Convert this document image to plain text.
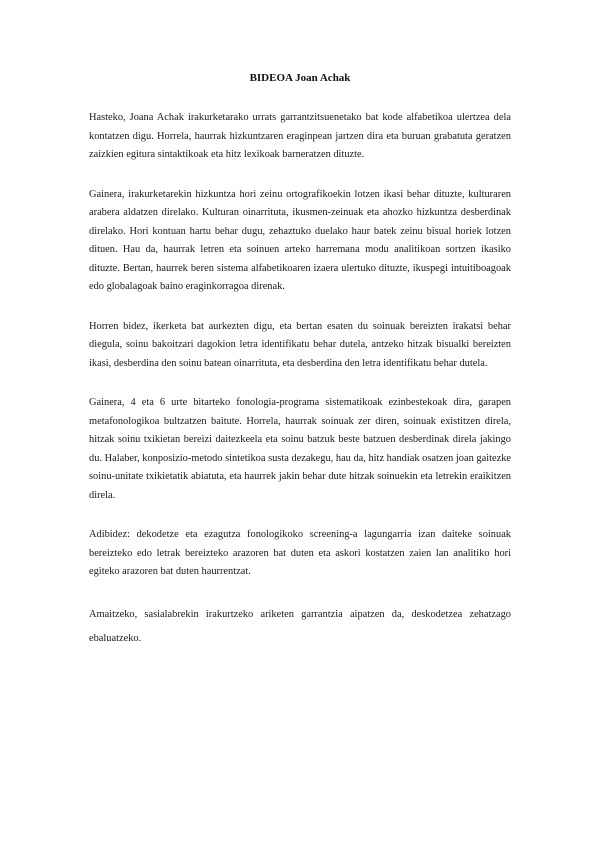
BIDEOA Joan Achak

Hasteko, Joana Achak irakurketarako urrats garrantzitsuenetako bat kode alfabetikoa ulertzea dela kontatzen digu. Horrela, haurrak hizkuntzaren eraginpean jartzen dira eta buruan grabatuta geratzen zaizkien egitura sintaktikoak eta hitz lexikoak barneratzen dituzte.

Gainera, irakurketarekin hizkuntza hori zeinu ortografikoekin lotzen ikasi behar dituzte, kulturaren arabera aldatzen direlako. Kulturan oinarrituta, ikusmen-zeinuak eta ahozko hizkuntza desberdinak direlako. Hori kontuan hartu behar dugu, zehaztuko duelako haur batek zeinu bisual horiek lotzen dituen. Hau da, haurrak letren eta soinuen arteko harremana modu analitikoan sortzen ikasiko dituzte. Bertan, haurrek beren sistema alfabetikoaren izaera ulertuko dituzte, ikuspegi intuitiboagoak edo globalagoak baino eraginkorragoa direnak.

Horren bidez, ikerketa bat aurkezten digu, eta bertan esaten du soinuak bereizten irakatsi behar diegula, soinu bakoitzari dagokion letra identifikatu behar dutela, antzeko hitzak bisualki bereizten ikasi, desberdina den soinu batean oinarrituta, eta desberdina den letra identifikatu behar dutela.

Gainera, 4 eta 6 urte bitarteko fonologia-programa sistematikoak ezinbestekoak dira, garapen metafonologikoa bultzatzen baitute. Horrela, haurrak soinuak zer diren, soinuak existitzen direla, hitzak soinu txikietan bereizi daitezkeela eta soinu batzuk beste batzuen desberdinak direla jakingo du. Halaber, konposizio-metodo sintetikoa susta dezakegu, hau da, hitz handiak osatzen joan gaitezke soinu-unitate txikietatik abiatuta, eta haurrek jakin behar dute hitzak soinuekin eta letrekin eraikitzen direla.

Adibidez: dekodetze eta ezagutza fonologikoko screening-a lagungarria izan daiteke soinuak bereizteko edo letrak bereizteko arazoren bat duten eta askori kostatzen zaien lan analitiko hori egiteko arazoren bat duten haurrentzat.

Amaitzeko, sasialabrekin irakurtzeko ariketen garrantzia aipatzen da, deskodetzea zehatzago ebaluatzeko.
